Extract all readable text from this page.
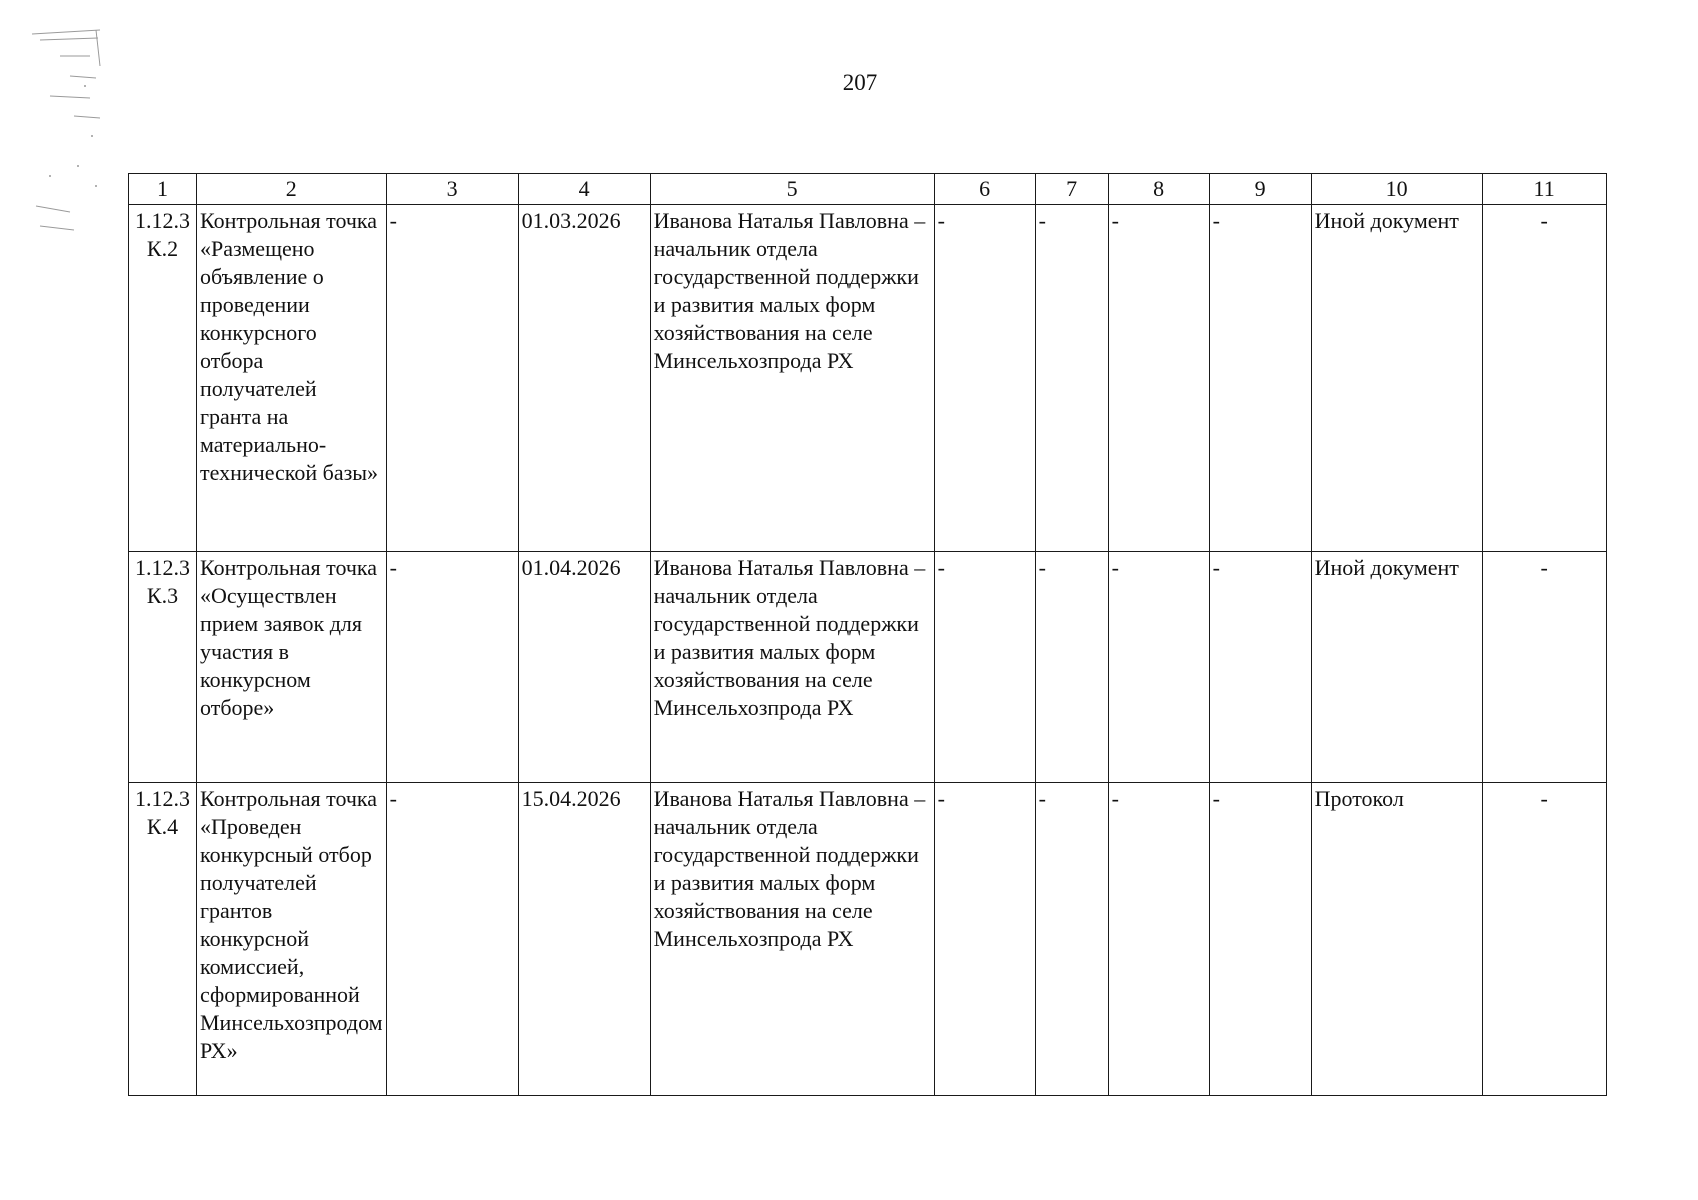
207
1	2	3	4	5	6	7	8	9	10	11

1.12.3
К.2	Контрольная точка «Размещено объявление о проведении конкурсного отбора получателей гранта на материально-технической базы»	-	01.03.2026	Иванова Наталья Павловна – начальник отдела государственной поддержки и развития малых форм хозяйствования на селе Минсельхозпрода РХ	-	-	-	-	Иной документ	-

1.12.3
К.3	Контрольная точка «Осуществлен прием заявок для участия в конкурсном отборе»	-	01.04.2026	Иванова Наталья Павловна – начальник отдела государственной поддержки и развития малых форм хозяйствования на селе Минсельхозпрода РХ	-	-	-	-	Иной документ	-

1.12.3
К.4	Контрольная точка «Проведен конкурсный отбор получателей грантов конкурсной комиссией, сформированной Минсельхозпродом РХ»	-	15.04.2026	Иванова Наталья Павловна – начальник отдела государственной поддержки и развития малых форм хозяйствования на селе Минсельхозпрода РХ	-	-	-	-	Протокол	-
